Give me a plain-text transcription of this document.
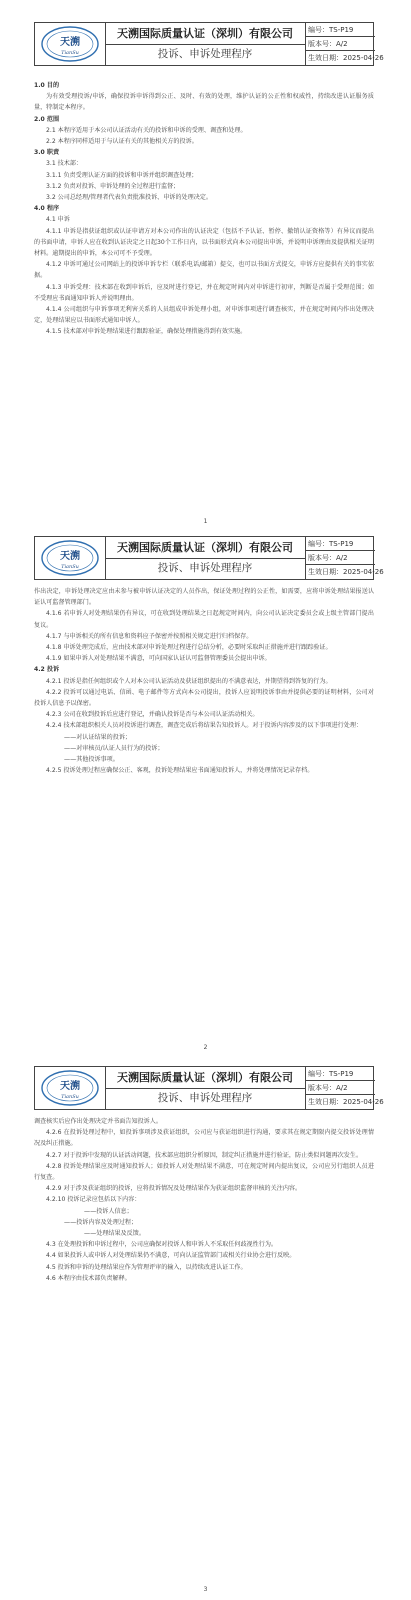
天溯
TianSu
天溯国际质量认证（深圳）有限公司
投诉、申诉处理程序
编号：TS-P19
版本号：A/2
生效日期：2025-04-26

1.0 目的

为有效受理投诉/申诉，确保投诉申诉得到公正、及时、有效的处理，维护认证的公正性和权威性，持续改进认证服务质量，特制定本程序。

2.0 范围

2.1 本程序适用于本公司认证活动有关的投诉和申诉的受理、调查和处理。

2.2 本程序同样适用于与认证有关的其他相关方的投诉。

3.0 职责

3.1 技术部：

3.1.1 负责受理认证方面的投诉和申诉并组织调查处理；

3.1.2 负责对投诉、申诉处理的全过程进行监督；

3.2 公司总经理/管理者代表负责批准投诉、申诉的处理决定。

4.0 程序

4.1 申诉

4.1.1 申诉是指获证组织或认证申请方对本公司作出的认证决定（包括不予认证、暂停、撤销认证资格等）有异议而提出的书面申请，申诉人应在收到认证决定之日起30个工作日内，以书面形式向本公司提出申诉，并说明申诉理由及提供相关证明材料。逾期提出的申诉，本公司可不予受理。

4.1.2 申诉可通过公司网站上的投诉申诉专栏（联系电话/邮箱）提交，也可以书面方式提交，申诉方应提供有关的事实依据。

4.1.3 申诉受理：技术部在收到申诉后，应及时进行登记，并在规定时间内对申诉进行初审，判断是否属于受理范围；如不受理应书面通知申诉人并说明理由。

4.1.4 公司组织与申诉事项无利害关系的人员组成申诉处理小组，对申诉事项进行调查核实，并在规定时间内作出处理决定，处理结果应以书面形式通知申诉人。

4.1.5 技术部对申诉处理结果进行跟踪验证，确保处理措施得到有效实施。

1
天溯
TianSu
天溯国际质量认证（深圳）有限公司
投诉、申诉处理程序
编号：TS-P19
版本号：A/2
生效日期：2025-04-26

作出决定，申诉处理决定应由未参与被申诉认证决定的人员作出，保证处理过程的公正性，如需要，应将申诉处理结果报送认证认可监督管理部门。

4.1.6 若申诉人对处理结果仍有异议，可在收到处理结果之日起规定时间内，向公司认证决定委员会或上级主管部门提出复议。

4.1.7 与申诉相关的所有信息和资料应予保密并按照相关规定进行归档保存。

4.1.8 申诉处理完成后，应由技术部对申诉处理过程进行总结分析，必要时采取纠正措施并进行跟踪验证。

4.1.9 如果申诉人对处理结果不满意，可向国家认证认可监督管理委员会提出申诉。

4.2 投诉

4.2.1 投诉是指任何组织或个人对本公司认证活动及获证组织提出的不满意表达，并期望得到答复的行为。

4.2.2 投诉可以通过电话、信函、电子邮件等方式向本公司提出，投诉人应说明投诉事由并提供必要的证明材料，公司对投诉人信息予以保密。

4.2.3 公司在收到投诉后应进行登记，并确认投诉是否与本公司认证活动相关。

4.2.4 技术部组织相关人员对投诉进行调查，调查完成后将结果告知投诉人。对于投诉内容涉及的以下事项进行处理：

——对认证结果的投诉；

——对审核员/认证人员行为的投诉；

——其他投诉事项。

4.2.5 投诉处理过程应确保公正、客观，投诉处理结果应书面通知投诉人，并将处理情况记录存档。

2
天溯
TianSu
天溯国际质量认证（深圳）有限公司
投诉、申诉处理程序
编号：TS-P19
版本号：A/2
生效日期：2025-04-26

调查核实后应作出处理决定并书面告知投诉人。

4.2.6 在投诉处理过程中，如投诉事项涉及获证组织，公司应与获证组织进行沟通，要求其在规定期限内提交投诉处理情况及纠正措施。

4.2.7 对于投诉中发现的认证活动问题，技术部应组织分析原因，制定纠正措施并进行验证，防止类似问题再次发生。

4.2.8 投诉处理结果应及时通知投诉人；如投诉人对处理结果不满意，可在规定时间内提出复议，公司应另行组织人员进行复查。

4.2.9 对于涉及获证组织的投诉，应将投诉情况及处理结果作为获证组织监督审核的关注内容。

4.2.10 投诉记录应包括以下内容：

——投诉人信息；

——投诉内容及处理过程；

——处理结果及反馈。

4.3 在处理投诉和申诉过程中，公司应确保对投诉人和申诉人不采取任何歧视性行为。

4.4 如果投诉人或申诉人对处理结果仍不满意，可向认证监管部门或相关行业协会进行反映。

4.5 投诉和申诉的处理结果应作为管理评审的输入，以持续改进认证工作。

4.6 本程序由技术部负责解释。

3
